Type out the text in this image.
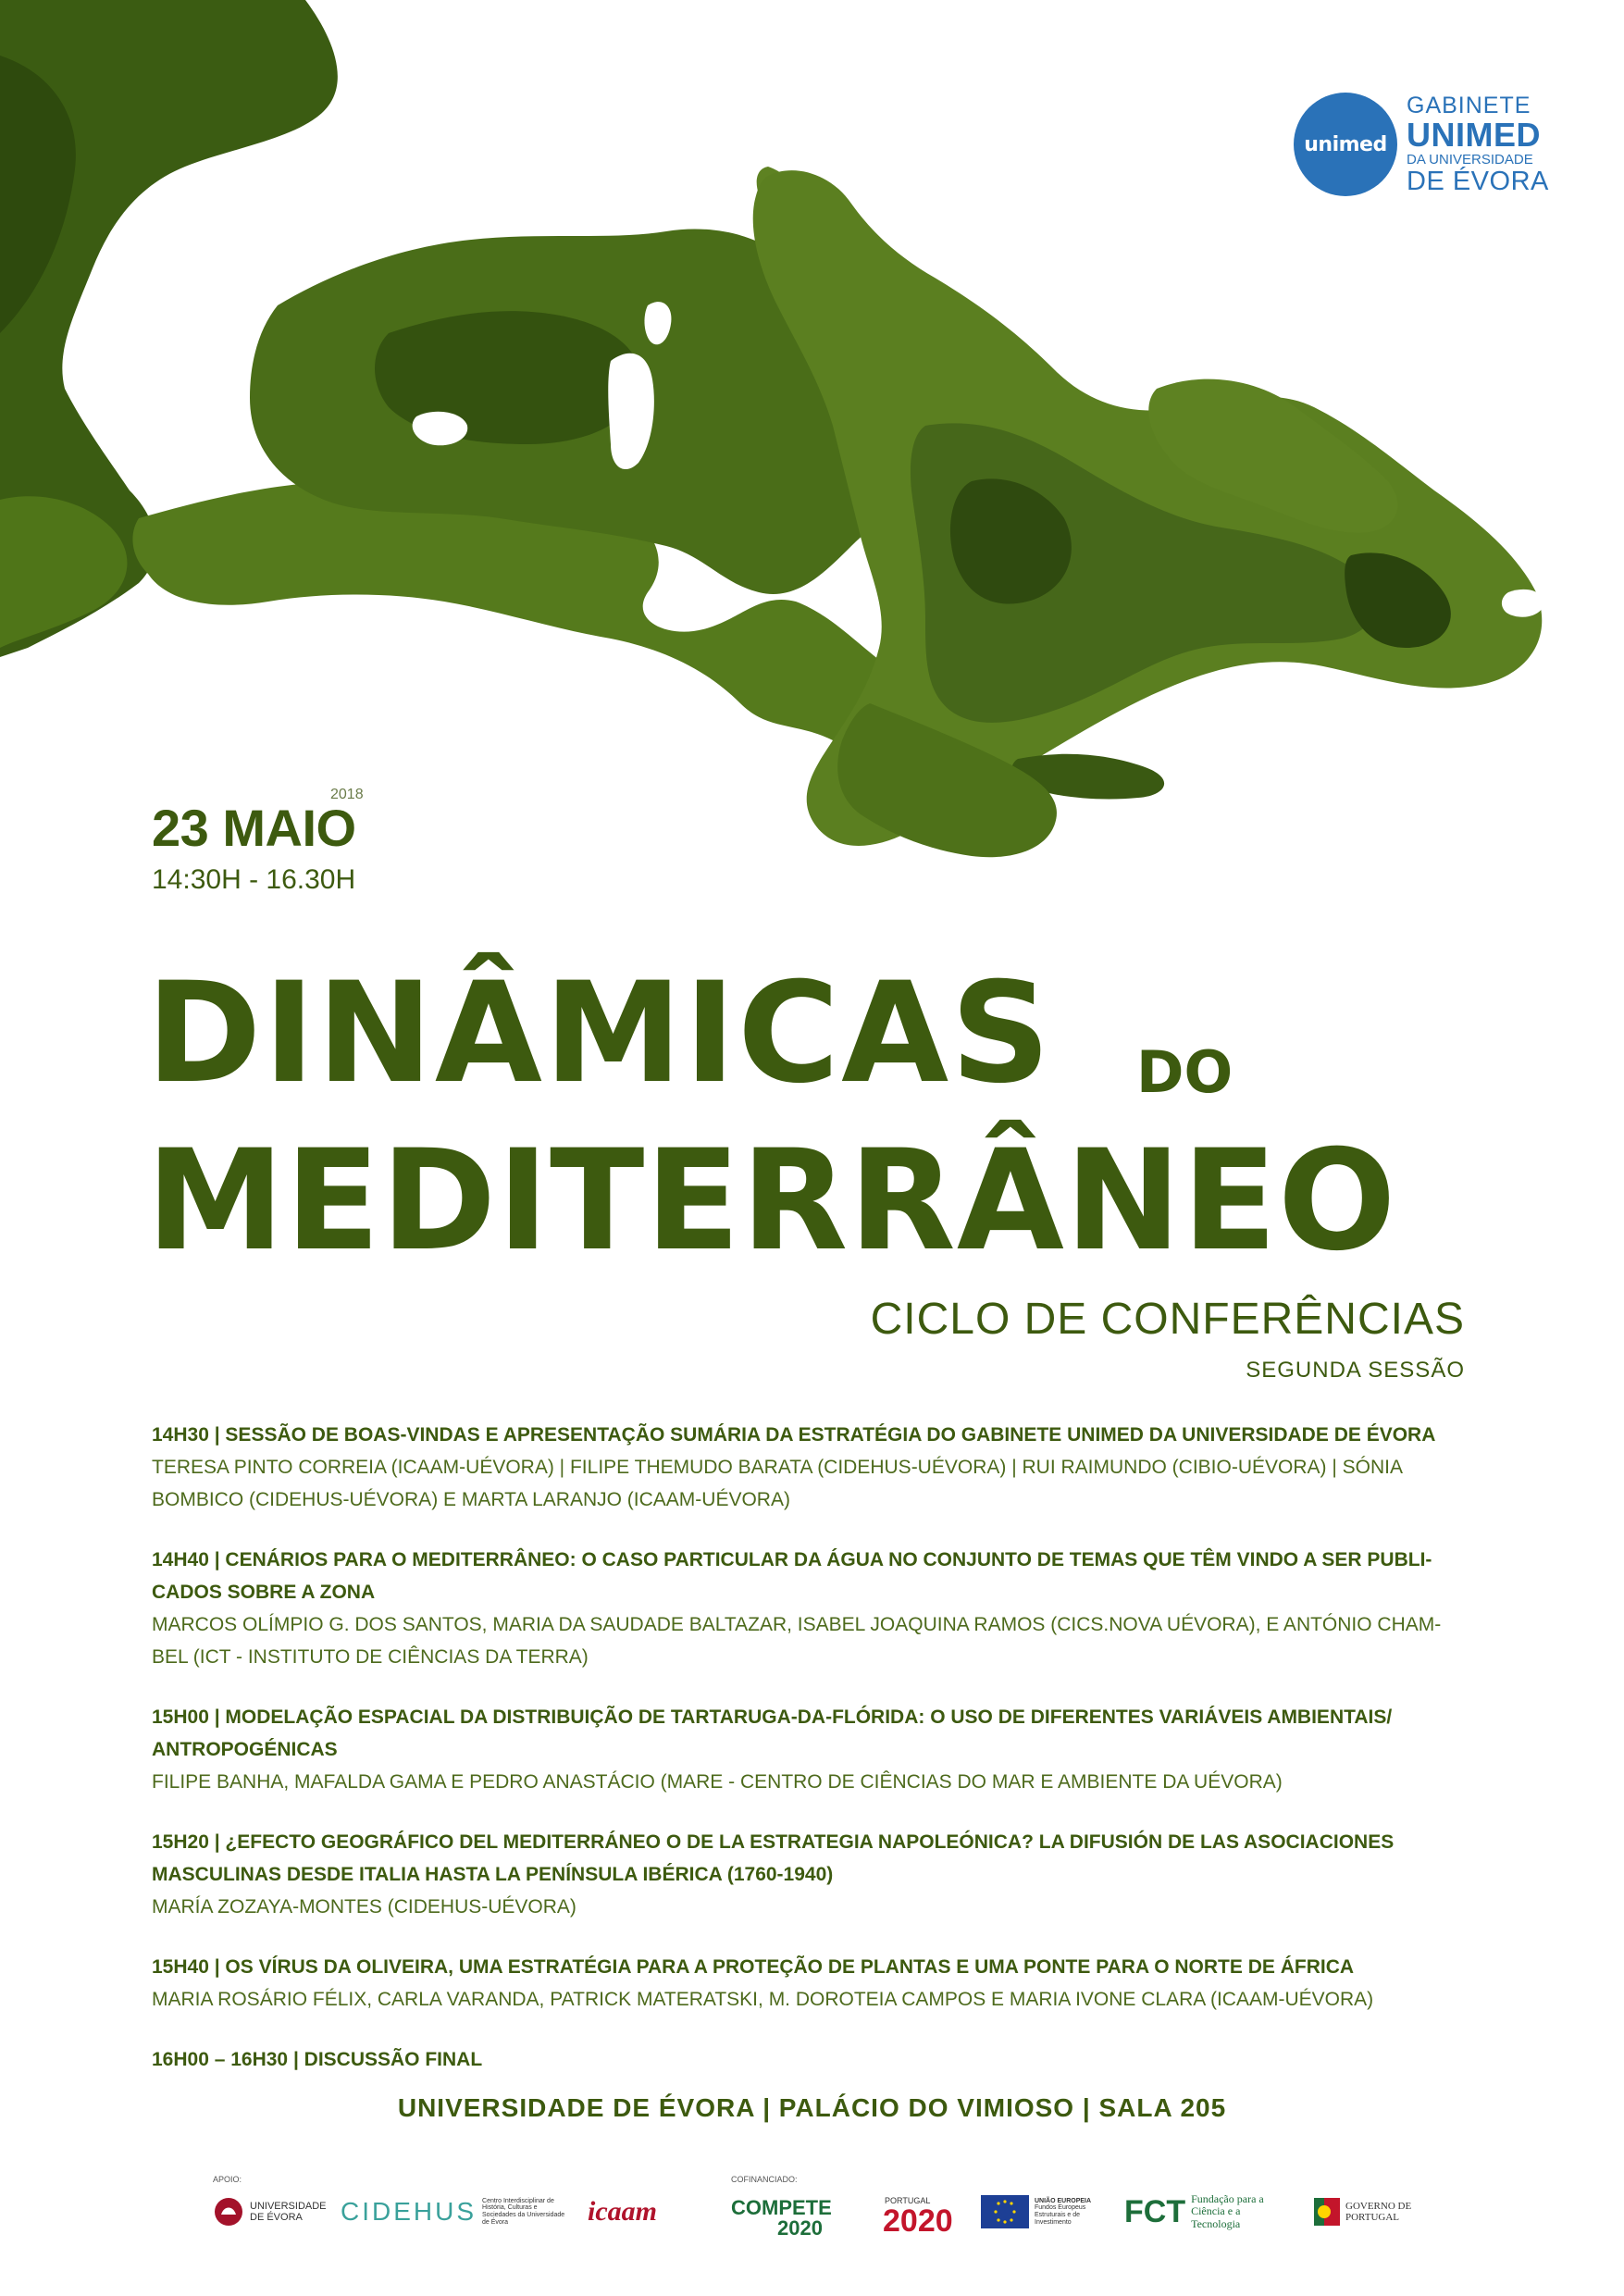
unimed
GABINETE
UNIMED
DA UNIVERSIDADE
DE ÉVORA
2018
23 MAIO
14:30H - 16.30H
DINÂMICAS DO
MEDITERRÂNEO
CICLO DE CONFERÊNCIAS
SEGUNDA SESSÃO
14H30 | SESSÃO DE BOAS-VINDAS E APRESENTAÇÃO SUMÁRIA DA ESTRATÉGIA DO GABINETE UNIMED DA UNIVERSIDADE DE ÉVORA
TERESA PINTO CORREIA (ICAAM-UÉVORA) | FILIPE THEMUDO BARATA (CIDEHUS-UÉVORA) | RUI RAIMUNDO (CIBIO-UÉVORA) | SÓNIA BOMBICO (CIDEHUS-UÉVORA) E MARTA LARANJO (ICAAM-UÉVORA)
14H40 | CENÁRIOS PARA O MEDITERRÂNEO: O CASO PARTICULAR DA ÁGUA NO CONJUNTO DE TEMAS QUE TÊM VINDO A SER PUBLI-CADOS SOBRE A ZONA
MARCOS OLÍMPIO G. DOS SANTOS, MARIA DA SAUDADE BALTAZAR, ISABEL JOAQUINA RAMOS (CICS.NOVA UÉVORA), E ANTÓNIO CHAM-BEL (ICT - INSTITUTO DE CIÊNCIAS DA TERRA)
15H00 | MODELAÇÃO ESPACIAL DA DISTRIBUIÇÃO DE TARTARUGA-DA-FLÓRIDA: O USO DE DIFERENTES VARIÁVEIS AMBIENTAIS/ ANTROPOGÉNICAS
FILIPE BANHA, MAFALDA GAMA E PEDRO ANASTÁCIO (MARE - CENTRO DE CIÊNCIAS DO MAR E AMBIENTE DA UÉVORA)
15H20 | ¿EFECTO GEOGRÁFICO DEL MEDITERRÁNEO O DE LA ESTRATEGIA NAPOLEÓNICA? LA DIFUSIÓN DE LAS ASOCIACIONES MASCULINAS DESDE ITALIA HASTA LA PENÍNSULA IBÉRICA (1760-1940)
MARÍA ZOZAYA-MONTES (CIDEHUS-UÉVORA)
15H40 | OS VÍRUS DA OLIVEIRA, UMA ESTRATÉGIA PARA A PROTEÇÃO DE PLANTAS E UMA PONTE PARA O NORTE DE ÁFRICA
MARIA ROSÁRIO FÉLIX, CARLA VARANDA, PATRICK MATERATSKI, M. DOROTEIA CAMPOS E MARIA IVONE CLARA (ICAAM-UÉVORA)
16H00 – 16H30 | DISCUSSÃO FINAL
UNIVERSIDADE DE ÉVORA | PALÁCIO DO VIMIOSO | SALA 205
APOIO:
UNIVERSIDADE DE ÉVORA	CIDEHUS Centro Interdisciplinar de História, Culturas e Sociedades da Universidade de Évora	icaam
COFINANCIADO:
COMPETE
2020
PORTUGAL
2020
UNIÃO EUROPEIA
Fundos Europeus Estruturais e de Investimento	FCT Fundação para a Ciência e a Tecnologia
GOVERNO DE PORTUGAL
